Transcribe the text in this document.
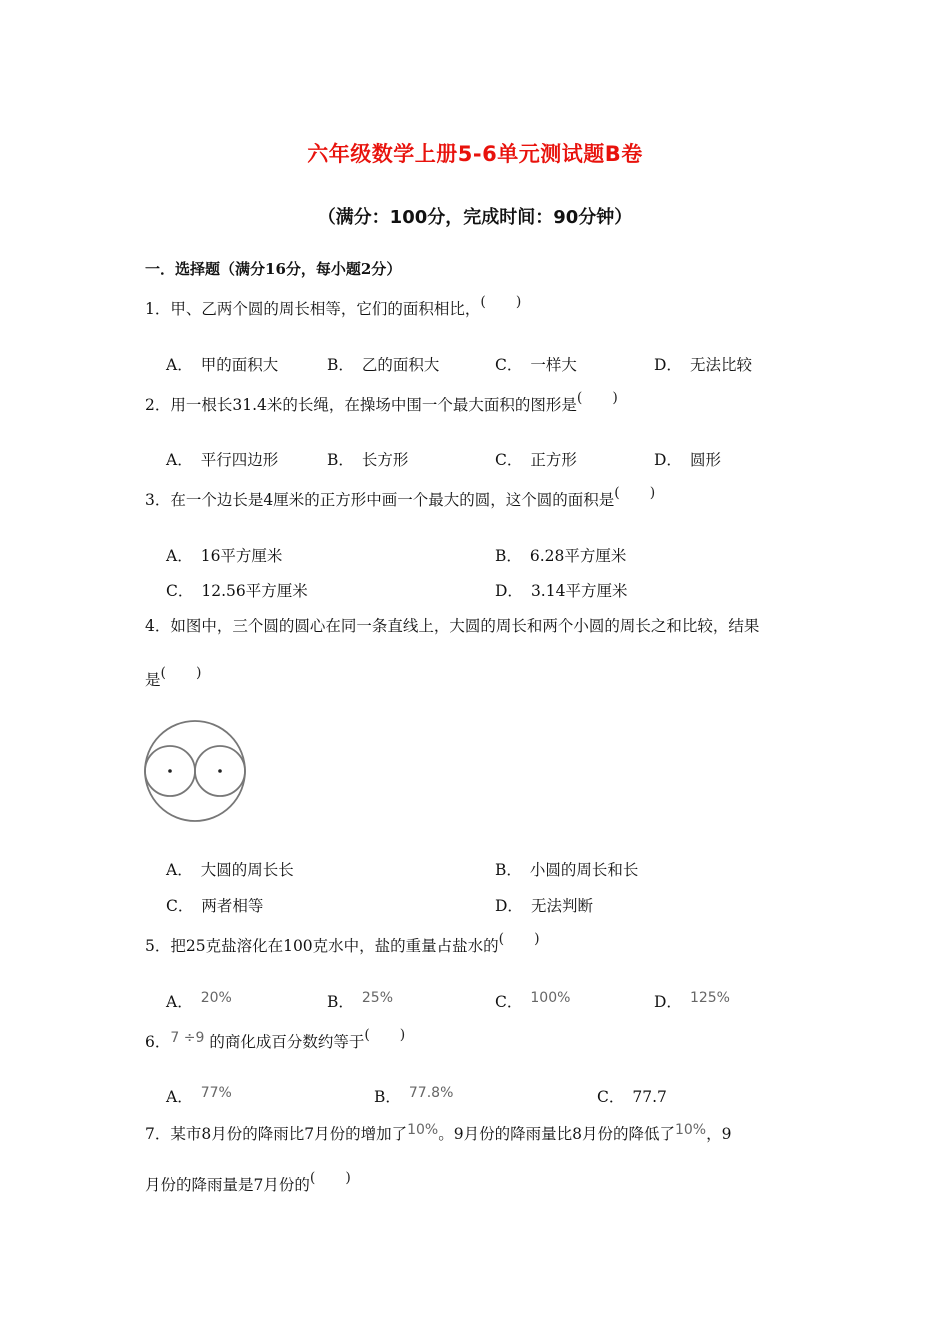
六年级数学上册5-6单元测试题B卷
（满分：100分，完成时间：90分钟）
一．选择题（满分16分，每小题2分）
1．甲、乙两个圆的周长相等，它们的面积相比，( )
A． 甲的面积大	B． 乙的面积大	C． 一样大	D． 无法比较
2．用一根长31.4米的长绳，在操场中围一个最大面积的图形是( )
A． 平行四边形	B． 长方形	C． 正方形	D． 圆形
3．在一个边长是4厘米的正方形中画一个最大的圆，这个圆的面积是( )
A． 16平方厘米	B． 6.28平方厘米
C． 12.56平方厘米	D． 3.14平方厘米
4．如图中，三个圆的圆心在同一条直线上，大圆的周长和两个小圆的周长之和比较，结果
是( )
A． 大圆的周长长	B． 小圆的周长和长
C． 两者相等	D． 无法判断
5．把25克盐溶化在100克水中，盐的重量占盐水的( )
A． 20%	B． 25%	C． 100%	D． 125%
6．7 ÷9 的商化成百分数约等于( )
A． 77%	B． 77.8%	C． 77.7
7．某市8月份的降雨比7月份的增加了10%。9月份的降雨量比8月份的降低了10%，9
月份的降雨量是7月份的( )
